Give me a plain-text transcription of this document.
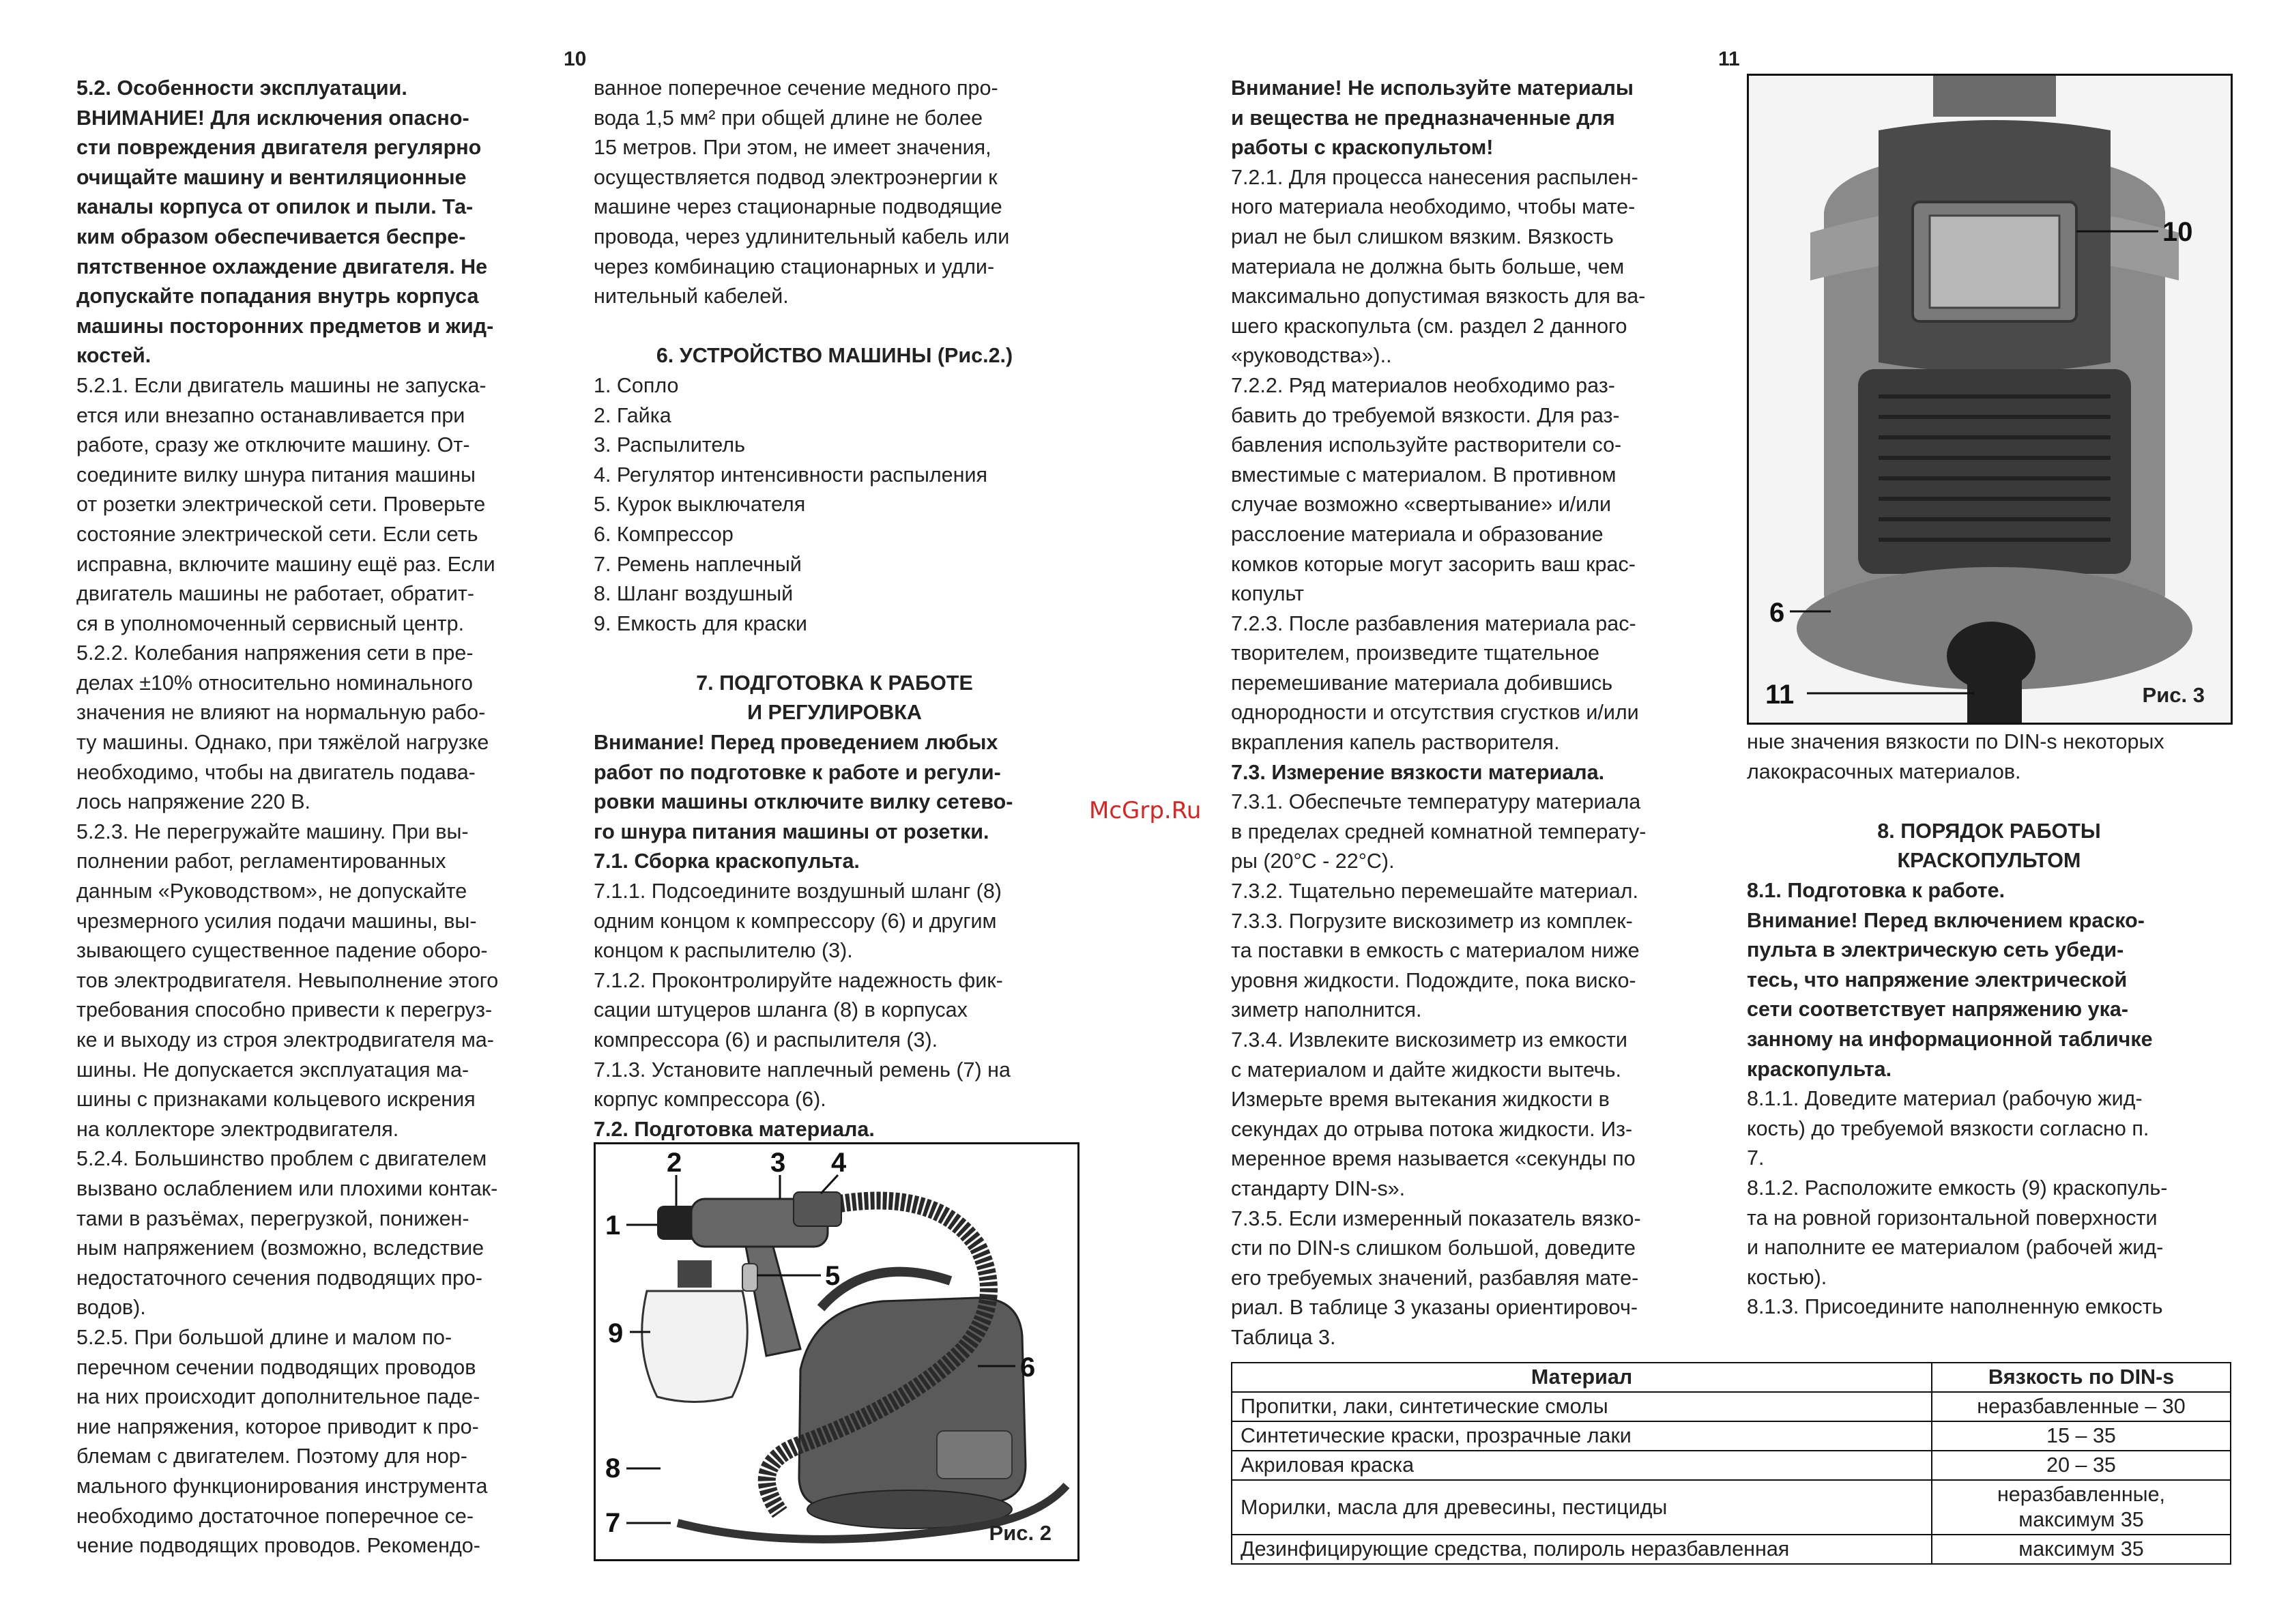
10	11

5.2. Особенности эксплуатации.

ВНИМАНИЕ! Для исключения опасно-

сти повреждения двигателя регулярно

очищайте машину и вентиляционные

каналы корпуса от опилок и пыли. Та-

ким образом обеспечивается беспре-

пятственное охлаждение двигателя. Не

допускайте попадания внутрь корпуса

машины посторонних предметов и жид-

костей.

5.2.1. Если двигатель машины не запуска-

ется или внезапно останавливается при

работе, сразу же отключите машину. От-

соедините вилку шнура питания машины

от розетки электрической сети. Проверьте

состояние электрической сети. Если сеть

исправна, включите машину ещё раз. Если

двигатель машины не работает, обратит-

ся в уполномоченный сервисный центр.

5.2.2. Колебания напряжения сети в пре-

делах ±10% относительно номинального

значения не влияют на нормальную рабо-

ту машины. Однако, при тяжёлой нагрузке

необходимо, чтобы на двигатель подава-

лось напряжение 220 В.

5.2.3. Не перегружайте машину. При вы-

полнении работ, регламентированных

данным «Руководством», не допускайте

чрезмерного усилия подачи машины, вы-

зывающего существенное падение оборо-

тов электродвигателя. Невыполнение этого

требования способно привести к перегруз-

ке и выходу из строя электродвигателя ма-

шины. Не допускается эксплуатация ма-

шины с признаками кольцевого искрения

на коллекторе электродвигателя.

5.2.4. Большинство проблем с двигателем

вызвано ослаблением или плохими контак-

тами в разъёмах, перегрузкой, понижен-

ным напряжением (возможно, вследствие

недостаточного сечения подводящих про-

водов).

5.2.5. При большой длине и малом по-

перечном сечении подводящих проводов

на них происходит дополнительное паде-

ние напряжения, которое приводит к про-

блемам с двигателем. Поэтому для нор-

мального функционирования инструмента

необходимо достаточное поперечное се-

чение подводящих проводов. Рекомендо-

ванное поперечное сечение медного про-

вода 1,5 мм² при общей длине не более

15 метров. При этом, не имеет значения,

осуществляется подвод электроэнергии к

машине через стационарные подводящие

провода, через удлинительный кабель или

через комбинацию стационарных и удли-

нительный кабелей.

6. УСТРОЙСТВО МАШИНЫ (Рис.2.)

1. Сопло

2. Гайка

3. Распылитель

4. Регулятор интенсивности распыления

5. Курок выключателя

6. Компрессор

7. Ремень наплечный

8. Шланг воздушный

9. Емкость для краски

7. ПОДГОТОВКА К РАБОТЕ

И РЕГУЛИРОВКА

Внимание! Перед проведением любых

работ по подготовке к работе и регули-

ровки машины отключите вилку сетево-

го шнура питания машины от розетки.

7.1. Сборка краскопульта.

7.1.1. Подсоедините воздушный шланг (8)

одним концом к компрессору (6) и другим

концом к распылителю (3).

7.1.2. Проконтролируйте надежность фик-

сации штуцеров шланга (8) в корпусах

компрессора (6) и распылителя (3).

7.1.3. Установите наплечный ремень (7) на

корпус компрессора (6).

7.2. Подготовка материала.

Внимание! Не используйте материалы

и вещества не предназначенные для

работы с краскопультом!

7.2.1. Для процесса нанесения распылен-

ного материала необходимо, чтобы мате-

риал не был слишком вязким. Вязкость

материала не должна быть больше, чем

максимально допустимая вязкость для ва-

шего краскопульта (см. раздел 2 данного

«руководства»)..

7.2.2. Ряд материалов необходимо раз-

бавить до требуемой вязкости. Для раз-

бавления используйте растворители со-

вместимые с материалом. В противном

случае возможно «свертывание» и/или

расслоение материала и образование

комков которые могут засорить ваш крас-

копульт

7.2.3. После разбавления материала рас-

творителем, произведите тщательное

перемешивание материала добившись

однородности и отсутствия сгустков и/или

вкрапления капель растворителя.

7.3. Измерение вязкости материала.

7.3.1. Обеспечьте температуру материала

в пределах средней комнатной температу-

ры (20°С - 22°С).

7.3.2. Тщательно перемешайте материал.

7.3.3. Погрузите вискозиметр из комплек-

та поставки в емкость с материалом ниже

уровня жидкости. Подождите, пока виско-

зиметр наполнится.

7.3.4. Извлеките вискозиметр из емкости

с материалом и дайте жидкости вытечь.

Измерьте время вытекания жидкости в

секундах до отрыва потока жидкости. Из-

меренное время называется «секунды по

стандарту DIN-s».

7.3.5. Если измеренный показатель вязко-

сти по DIN-s слишком большой, доведите

его требуемых значений, разбавляя мате-

риал. В таблице 3 указаны ориентировоч-

Таблица 3.

ные значения вязкости по DIN-s некоторых

лакокрасочных материалов.

8. ПОРЯДОК РАБОТЫ

КРАСКОПУЛЬТОМ

8.1. Подготовка к работе.

Внимание! Перед включением краско-

пульта в электрическую сеть убеди-

тесь, что напряжение электрической

сети соответствует напряжению ука-

занному на информационной табличке

краскопульта.

8.1.1. Доведите материал (рабочую жид-

кость) до требуемой вязкости согласно п.

7.

8.1.2. Расположите емкость (9) краскопуль-

та на ровной горизонтальной поверхности

и наполните ее материалом (рабочей жид-

костью).

8.1.3. Присоедините наполненную емкость

McGrp.Ru
1
2	3 4
5
6
7
8
9
Рис. 2
10
6
11	Рис. 3
Материал	Вязкость по DIN-s
Пропитки, лаки, синтетические смолы	неразбавленные – 30
Синтетические краски, прозрачные лаки	15 – 35
Акриловая краска	20 – 35
Морилки, масла для древесины, пестициды	неразбавленные,
максимум 35
Дезинфицирующие средства, полироль неразбавленная	максимум 35
